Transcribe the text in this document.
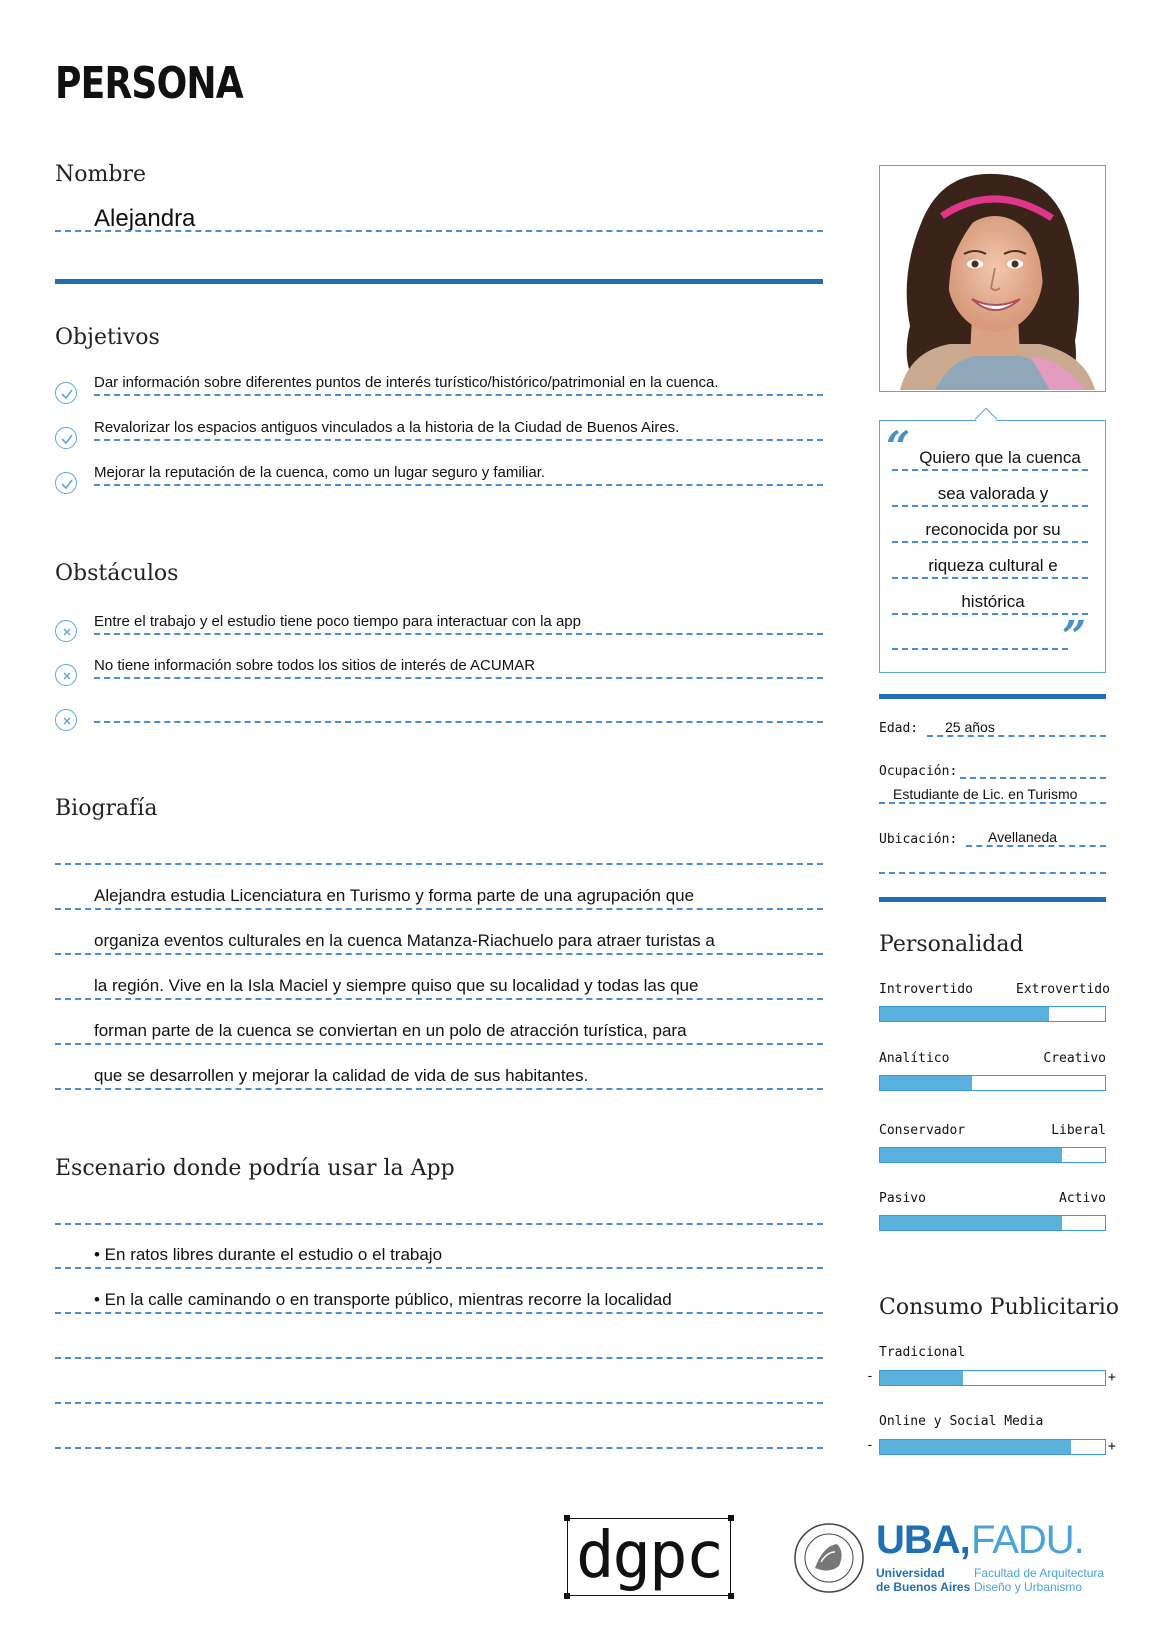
PERSONA
Nombre
Alejandra
Objetivos
Dar información sobre diferentes puntos de interés turístico/histórico/patrimonial en la cuenca.
Revalorizar los espacios antiguos vinculados a la historia de la Ciudad de Buenos Aires.
Mejorar la reputación de la cuenca, como un lugar seguro y familiar.
Obstáculos
Entre el trabajo y el estudio tiene poco tiempo para interactuar con la app
No tiene información sobre todos los sitios de interés de ACUMAR
Biografía
Alejandra estudia Licenciatura en Turismo y forma parte de una agrupación que
organiza eventos culturales en la cuenca Matanza-Riachuelo para atraer turistas a
la región. Vive en la Isla Maciel y siempre quiso que su localidad y todas las que
forman parte de la cuenca se conviertan en un polo de atracción turística, para
que se desarrollen y mejorar la calidad de vida de sus habitantes.
Escenario donde podría usar la App
• En ratos libres durante el estudio o el trabajo
• En la calle caminando o en transporte público, mientras recorre la localidad
“ Quiero que la cuenca
sea valorada y
reconocida por su
riqueza cultural e
histórica
”
Edad: 25 años
Ocupación:
Estudiante de Lic. en Turismo
Ubicación: Avellaneda
Personalidad
Introvertido	Extrovertido
Analítico	Creativo
Conservador	Liberal
Pasivo	Activo
Consumo Publicitario
Tradicional
-	+
Online y Social Media
-	+
dgpc	UBA, FADU.
Universidad
de Buenos Aires
Facultad de Arquitectura
Diseño y Urbanismo
